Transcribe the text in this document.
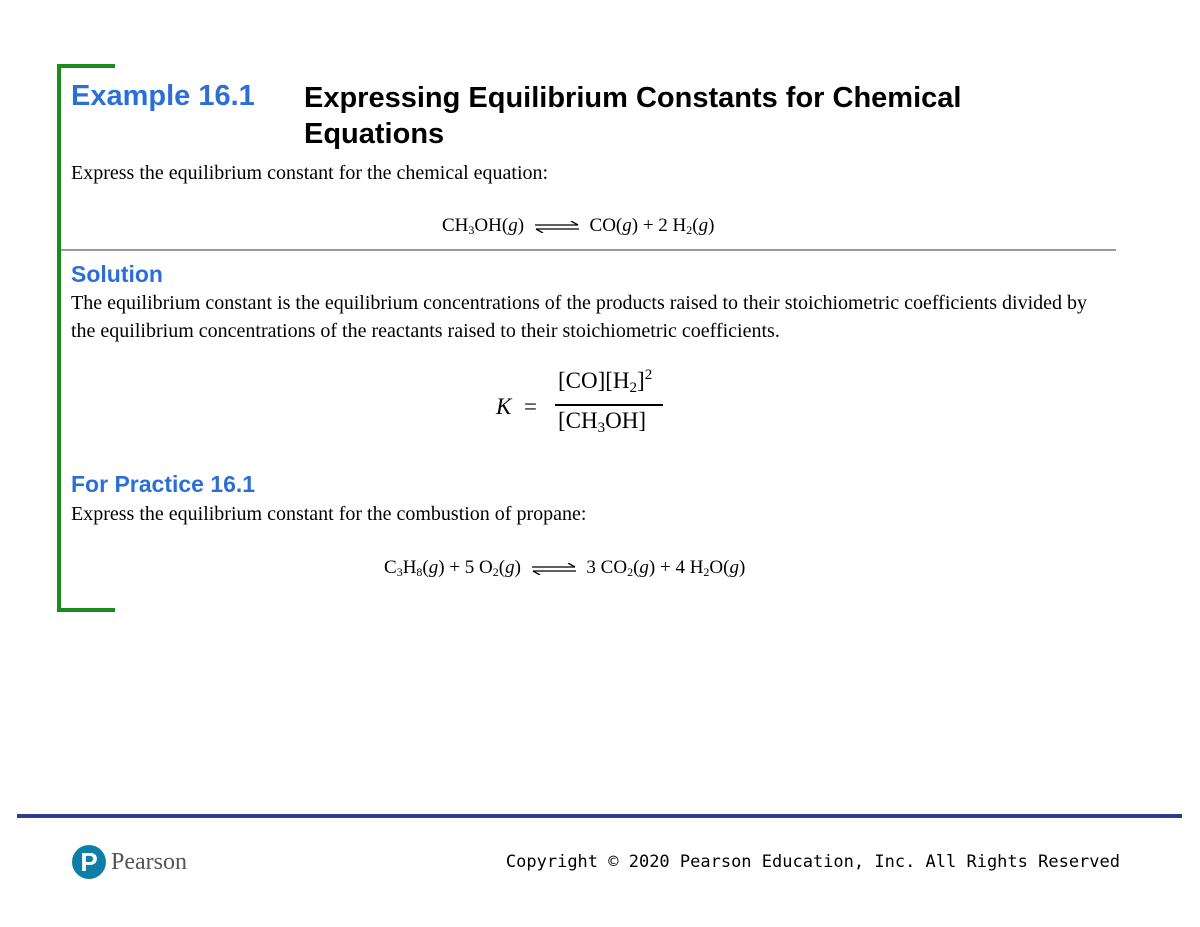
Example 16.1 Expressing Equilibrium Constants for Chemical Equations
Express the equilibrium constant for the chemical equation:
$CH_3OH(g)$ ⇌ CO(g) + 2 $H_2(g)$
Solution
The equilibrium constant is the equilibrium concentrations of the products raised to their stoichiometric coefficients divided by the equilibrium concentrations of the reactants raised to their stoichiometric coefficients.
K =
$[CO][H_2]^2$
$[CH_3OH]$
For Practice 16.1
Express the equilibrium constant for the combustion of propane:
$C_3H_8(g) + 5$ $O_2(g)$ ⇌ 3 $CO_2(g) + 4$ $H_2O(g)$
P Pearson	Copyright © 2020 Pearson Education, Inc. All Rights Reserved
